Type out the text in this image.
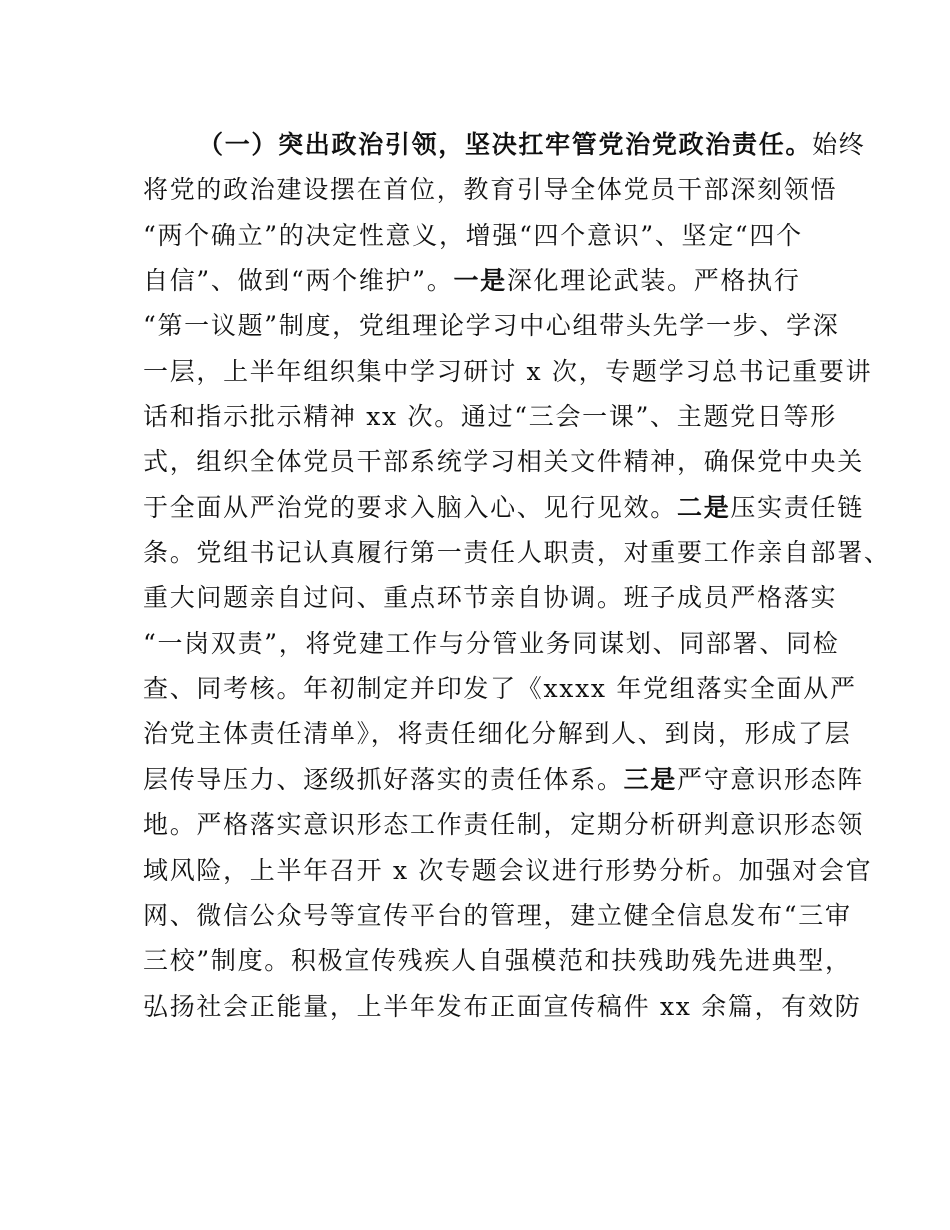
（一）突出政治引领，坚决扛牢管党治党政治责任。始终
将党的政治建设摆在首位，教育引导全体党员干部深刻领悟
“两个确立”的决定性意义，增强“四个意识”、坚定“四个
自信”、做到“两个维护”。一是深化理论武装。严格执行
“第一议题”制度，党组理论学习中心组带头先学一步、学深
一层，上半年组织集中学习研讨 x 次，专题学习总书记重要讲
话和指示批示精神 xx 次。通过“三会一课”、主题党日等形
式，组织全体党员干部系统学习相关文件精神，确保党中央关
于全面从严治党的要求入脑入心、见行见效。二是压实责任链
条。党组书记认真履行第一责任人职责，对重要工作亲自部署、
重大问题亲自过问、重点环节亲自协调。班子成员严格落实
“一岗双责”，将党建工作与分管业务同谋划、同部署、同检
查、同考核。年初制定并印发了《xxxx 年党组落实全面从严
治党主体责任清单》，将责任细化分解到人、到岗，形成了层
层传导压力、逐级抓好落实的责任体系。三是严守意识形态阵
地。严格落实意识形态工作责任制，定期分析研判意识形态领
域风险，上半年召开 x 次专题会议进行形势分析。加强对会官
网、微信公众号等宣传平台的管理，建立健全信息发布“三审
三校”制度。积极宣传残疾人自强模范和扶残助残先进典型，
弘扬社会正能量，上半年发布正面宣传稿件 xx 余篇，有效防
